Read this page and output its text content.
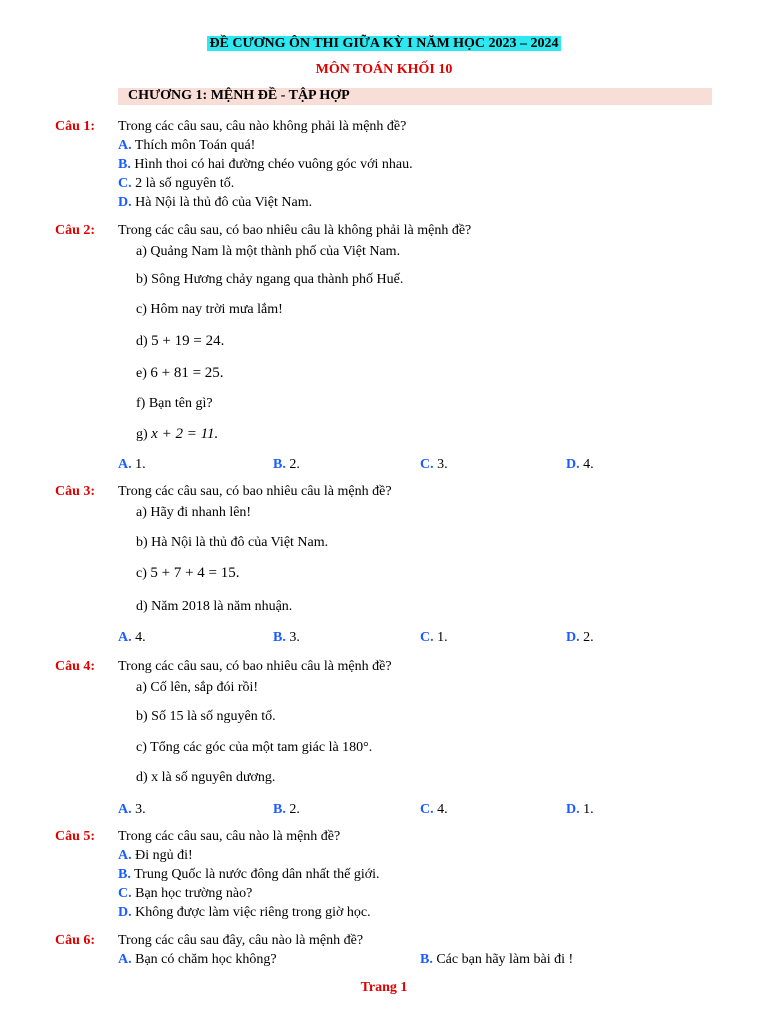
ĐỀ CƯƠNG ÔN THI GIỮA KỲ I NĂM HỌC 2023 – 2024
MÔN TOÁN KHỐI 10
CHƯƠNG 1: MỆNH ĐỀ - TẬP HỢP
Câu 1: Trong các câu sau, câu nào không phải là mệnh đề?
A. Thích môn Toán quá!
B. Hình thoi có hai đường chéo vuông góc với nhau.
C. 2 là số nguyên tố.
D. Hà Nội là thủ đô của Việt Nam.
Câu 2: Trong các câu sau, có bao nhiêu câu là không phải là mệnh đề?
a) Quảng Nam là một thành phố của Việt Nam.
b) Sông Hương chảy ngang qua thành phố Huế.
c) Hôm nay trời mưa lắm!
d) 5 + 19 = 24.
e) 6 + 81 = 25.
f) Bạn tên gì?
g) x + 2 = 11.
A. 1.	B. 2.	C. 3.	D. 4.
Câu 3: Trong các câu sau, có bao nhiêu câu là mệnh đề?
a) Hãy đi nhanh lên!
b) Hà Nội là thủ đô của Việt Nam.
c) 5 + 7 + 4 = 15.
d) Năm 2018 là năm nhuận.
A. 4.	B. 3.	C. 1.	D. 2.
Câu 4: Trong các câu sau, có bao nhiêu câu là mệnh đề?
a) Cố lên, sắp đói rồi!
b) Số 15 là số nguyên tố.
c) Tổng các góc của một tam giác là 180°.
d) x là số nguyên dương.
A. 3.	B. 2.	C. 4.	D. 1.
Câu 5: Trong các câu sau, câu nào là mệnh đề?
A. Đi ngủ đi!
B. Trung Quốc là nước đông dân nhất thế giới.
C. Bạn học trường nào?
D. Không được làm việc riêng trong giờ học.
Câu 6: Trong các câu sau đây, câu nào là mệnh đề?
A. Bạn có chăm học không?	B. Các bạn hãy làm bài đi !
Trang 1
